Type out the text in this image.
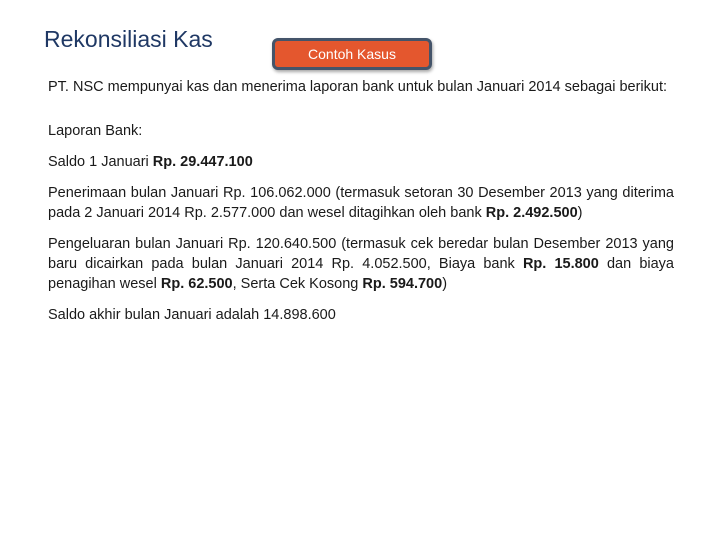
Rekonsiliasi Kas
Contoh Kasus

PT. NSC mempunyai kas dan menerima laporan bank untuk bulan Januari 2014 sebagai berikut:

Laporan Bank:

Saldo 1 Januari Rp. 29.447.100

Penerimaan bulan Januari Rp. 106.062.000 (termasuk setoran 30 Desember 2013 yang diterima pada 2 Januari 2014 Rp. 2.577.000 dan wesel ditagihkan oleh bank Rp. 2.492.500)

Pengeluaran bulan Januari Rp. 120.640.500 (termasuk cek beredar bulan Desember 2013 yang baru dicairkan pada bulan Januari 2014 Rp. 4.052.500, Biaya bank Rp. 15.800 dan biaya penagihan wesel Rp. 62.500, Serta Cek Kosong Rp. 594.700)

Saldo akhir bulan Januari adalah 14.898.600
